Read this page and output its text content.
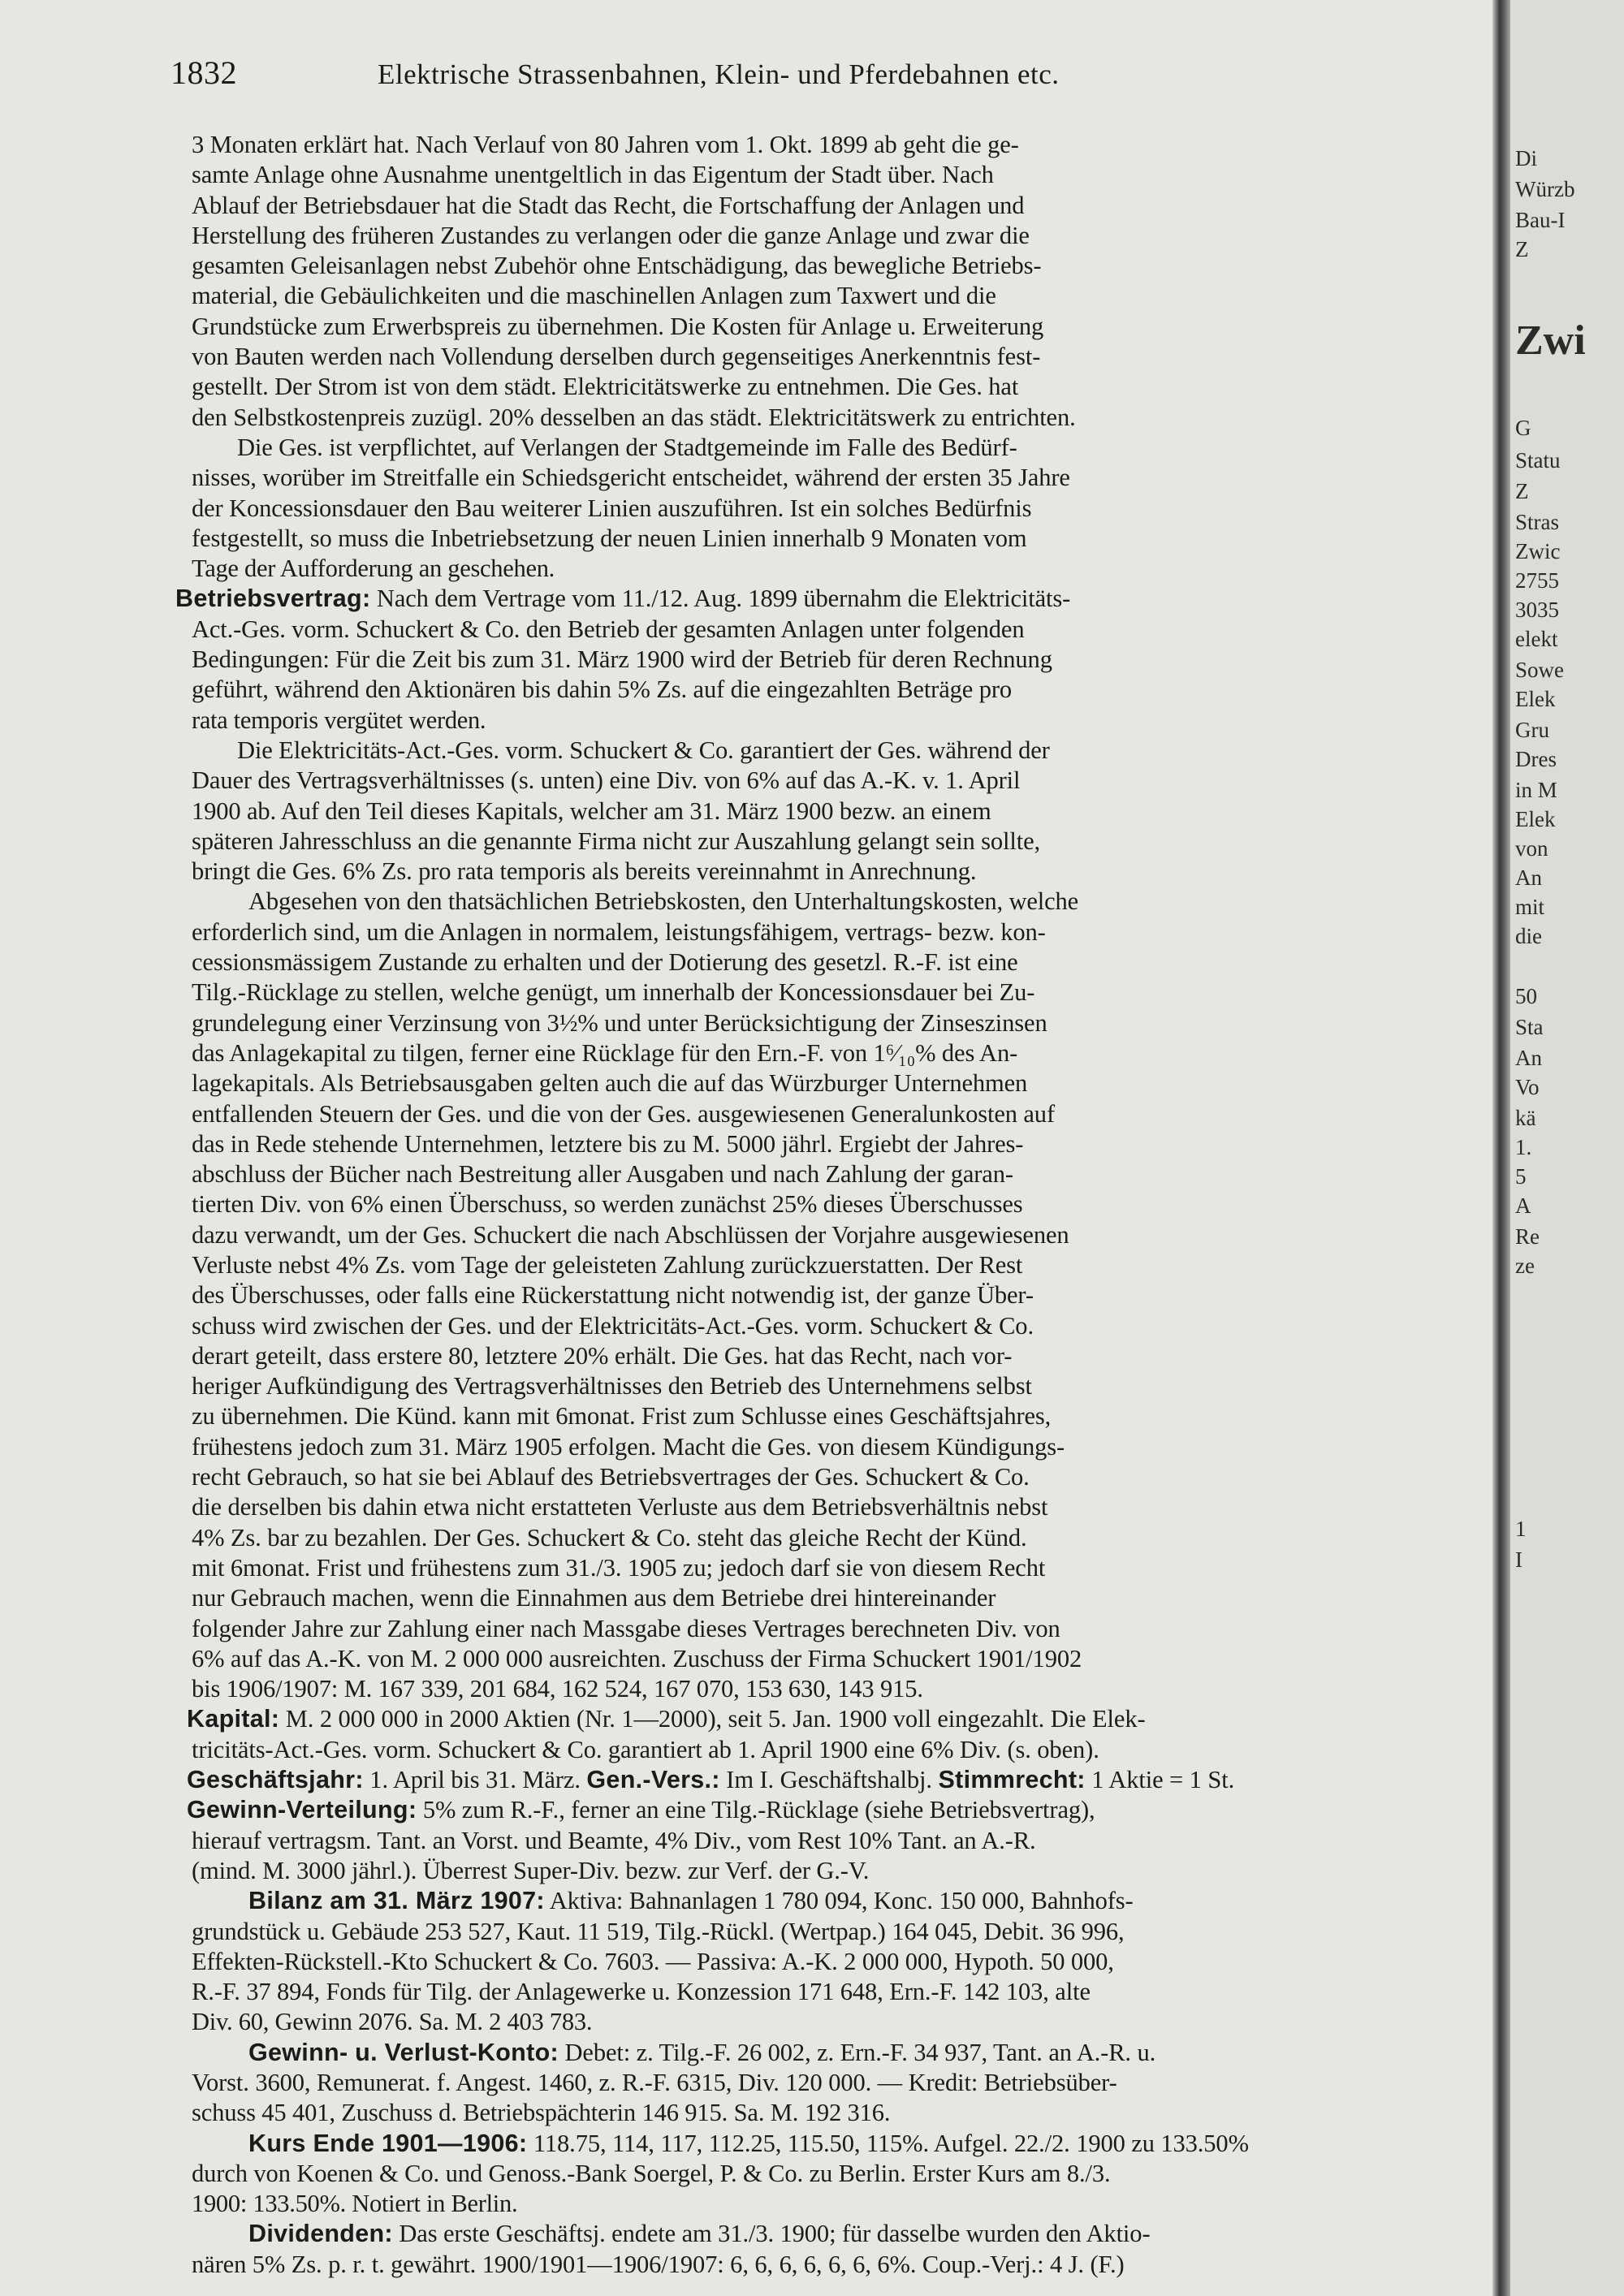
1832	Elektrische Strassenbahnen, Klein- und Pferdebahnen etc.
3 Monaten erklärt hat. Nach Verlauf von 80 Jahren vom 1. Okt. 1899 ab geht die ge-
samte Anlage ohne Ausnahme unentgeltlich in das Eigentum der Stadt über. Nach
Ablauf der Betriebsdauer hat die Stadt das Recht, die Fortschaffung der Anlagen und
Herstellung des früheren Zustandes zu verlangen oder die ganze Anlage und zwar die
gesamten Geleisanlagen nebst Zubehör ohne Entschädigung, das bewegliche Betriebs-
material, die Gebäulichkeiten und die maschinellen Anlagen zum Taxwert und die
Grundstücke zum Erwerbspreis zu übernehmen. Die Kosten für Anlage u. Erweiterung
von Bauten werden nach Vollendung derselben durch gegenseitiges Anerkenntnis fest-
gestellt. Der Strom ist von dem städt. Elektricitätswerke zu entnehmen. Die Ges. hat
den Selbstkostenpreis zuzügl. 20% desselben an das städt. Elektricitätswerk zu entrichten.
Die Ges. ist verpflichtet, auf Verlangen der Stadtgemeinde im Falle des Bedürf-
nisses, worüber im Streitfalle ein Schiedsgericht entscheidet, während der ersten 35 Jahre
der Koncessionsdauer den Bau weiterer Linien auszuführen. Ist ein solches Bedürfnis
festgestellt, so muss die Inbetriebsetzung der neuen Linien innerhalb 9 Monaten vom
Tage der Aufforderung an geschehen.
Betriebsvertrag: Nach dem Vertrage vom 11./12. Aug. 1899 übernahm die Elektricitäts-
Act.-Ges. vorm. Schuckert & Co. den Betrieb der gesamten Anlagen unter folgenden
Bedingungen: Für die Zeit bis zum 31. März 1900 wird der Betrieb für deren Rechnung
geführt, während den Aktionären bis dahin 5% Zs. auf die eingezahlten Beträge pro
rata temporis vergütet werden.
Die Elektricitäts-Act.-Ges. vorm. Schuckert & Co. garantiert der Ges. während der
Dauer des Vertragsverhältnisses (s. unten) eine Div. von 6% auf das A.-K. v. 1. April
1900 ab. Auf den Teil dieses Kapitals, welcher am 31. März 1900 bezw. an einem
späteren Jahresschluss an die genannte Firma nicht zur Auszahlung gelangt sein sollte,
bringt die Ges. 6% Zs. pro rata temporis als bereits vereinnahmt in Anrechnung.
Abgesehen von den thatsächlichen Betriebskosten, den Unterhaltungskosten, welche
erforderlich sind, um die Anlagen in normalem, leistungsfähigem, vertrags- bezw. kon-
cessionsmässigem Zustande zu erhalten und der Dotierung des gesetzl. R.-F. ist eine
Tilg.-Rücklage zu stellen, welche genügt, um innerhalb der Koncessionsdauer bei Zu-
grundelegung einer Verzinsung von 3½% und unter Berücksichtigung der Zinseszinsen
das Anlagekapital zu tilgen, ferner eine Rücklage für den Ern.-F. von 1⁶⁄₁₀% des An-
lagekapitals. Als Betriebsausgaben gelten auch die auf das Würzburger Unternehmen
entfallenden Steuern der Ges. und die von der Ges. ausgewiesenen Generalunkosten auf
das in Rede stehende Unternehmen, letztere bis zu M. 5000 jährl. Ergiebt der Jahres-
abschluss der Bücher nach Bestreitung aller Ausgaben und nach Zahlung der garan-
tierten Div. von 6% einen Überschuss, so werden zunächst 25% dieses Überschusses
dazu verwandt, um der Ges. Schuckert die nach Abschlüssen der Vorjahre ausgewiesenen
Verluste nebst 4% Zs. vom Tage der geleisteten Zahlung zurückzuerstatten. Der Rest
des Überschusses, oder falls eine Rückerstattung nicht notwendig ist, der ganze Über-
schuss wird zwischen der Ges. und der Elektricitäts-Act.-Ges. vorm. Schuckert & Co.
derart geteilt, dass erstere 80, letztere 20% erhält. Die Ges. hat das Recht, nach vor-
heriger Aufkündigung des Vertragsverhältnisses den Betrieb des Unternehmens selbst
zu übernehmen. Die Künd. kann mit 6monat. Frist zum Schlusse eines Geschäftsjahres,
frühestens jedoch zum 31. März 1905 erfolgen. Macht die Ges. von diesem Kündigungs-
recht Gebrauch, so hat sie bei Ablauf des Betriebsvertrages der Ges. Schuckert & Co.
die derselben bis dahin etwa nicht erstatteten Verluste aus dem Betriebsverhältnis nebst
4% Zs. bar zu bezahlen. Der Ges. Schuckert & Co. steht das gleiche Recht der Künd.
mit 6monat. Frist und frühestens zum 31./3. 1905 zu; jedoch darf sie von diesem Recht
nur Gebrauch machen, wenn die Einnahmen aus dem Betriebe drei hintereinander
folgender Jahre zur Zahlung einer nach Massgabe dieses Vertrages berechneten Div. von
6% auf das A.-K. von M. 2 000 000 ausreichten. Zuschuss der Firma Schuckert 1901/1902
bis 1906/1907: M. 167 339, 201 684, 162 524, 167 070, 153 630, 143 915.
Kapital: M. 2 000 000 in 2000 Aktien (Nr. 1—2000), seit 5. Jan. 1900 voll eingezahlt. Die Elek-
tricitäts-Act.-Ges. vorm. Schuckert & Co. garantiert ab 1. April 1900 eine 6% Div. (s. oben).
Geschäftsjahr: 1. April bis 31. März. Gen.-Vers.: Im I. Geschäftshalbj. Stimmrecht: 1 Aktie = 1 St.
Gewinn-Verteilung: 5% zum R.-F., ferner an eine Tilg.-Rücklage (siehe Betriebsvertrag),
hierauf vertragsm. Tant. an Vorst. und Beamte, 4% Div., vom Rest 10% Tant. an A.-R.
(mind. M. 3000 jährl.). Überrest Super-Div. bezw. zur Verf. der G.-V.
Bilanz am 31. März 1907: Aktiva: Bahnanlagen 1 780 094, Konc. 150 000, Bahnhofs-
grundstück u. Gebäude 253 527, Kaut. 11 519, Tilg.-Rückl. (Wertpap.) 164 045, Debit. 36 996,
Effekten-Rückstell.-Kto Schuckert & Co. 7603. — Passiva: A.-K. 2 000 000, Hypoth. 50 000,
R.-F. 37 894, Fonds für Tilg. der Anlagewerke u. Konzession 171 648, Ern.-F. 142 103, alte
Div. 60, Gewinn 2076. Sa. M. 2 403 783.
Gewinn- u. Verlust-Konto: Debet: z. Tilg.-F. 26 002, z. Ern.-F. 34 937, Tant. an A.-R. u.
Vorst. 3600, Remunerat. f. Angest. 1460, z. R.-F. 6315, Div. 120 000. — Kredit: Betriebsüber-
schuss 45 401, Zuschuss d. Betriebspächterin 146 915. Sa. M. 192 316.
Kurs Ende 1901—1906: 118.75, 114, 117, 112.25, 115.50, 115%. Aufgel. 22./2. 1900 zu 133.50%
durch von Koenen & Co. und Genoss.-Bank Soergel, P. & Co. zu Berlin. Erster Kurs am 8./3.
1900: 133.50%. Notiert in Berlin.
Dividenden: Das erste Geschäftsj. endete am 31./3. 1900; für dasselbe wurden den Aktio-
nären 5% Zs. p. r. t. gewährt. 1900/1901—1906/1907: 6, 6, 6, 6, 6, 6, 6%. Coup.-Verj.: 4 J. (F.)
Di
Würzb
Bau-I
Z
Zwi
G
Statu
Z
Stras
Zwic
2755
3035
elekt
Sowe
Elek
Gru
Dres
in M
Elek
von
An
mit
die
50
Sta
An
Vo
kä
1.
5
A
Re
ze
1
I
